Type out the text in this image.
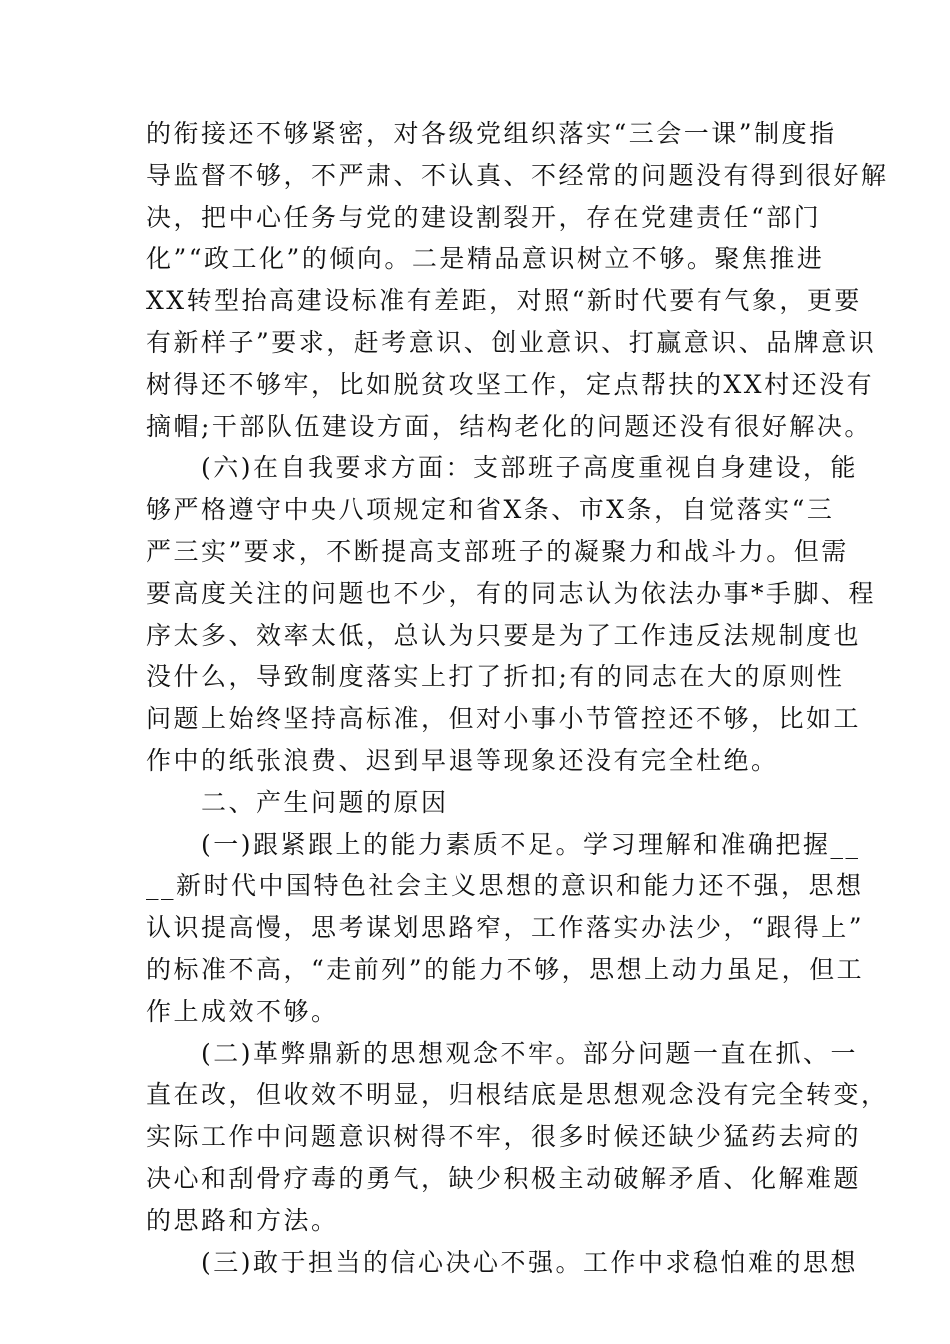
的衔接还不够紧密，对各级党组织落实“三会一课”制度指
导监督不够，不严肃、不认真、不经常的问题没有得到很好解
决，把中心任务与党的建设割裂开，存在党建责任“部门
化”“政工化”的倾向。二是精品意识树立不够。聚焦推进
XX转型抬高建设标准有差距，对照“新时代要有气象，更要
有新样子”要求，赶考意识、创业意识、打赢意识、品牌意识
树得还不够牢，比如脱贫攻坚工作，定点帮扶的XX村还没有
摘帽;干部队伍建设方面，结构老化的问题还没有很好解决。
(六)在自我要求方面：支部班子高度重视自身建设，能
够严格遵守中央八项规定和省X条、市X条，自觉落实“三
严三实”要求，不断提高支部班子的凝聚力和战斗力。但需
要高度关注的问题也不少，有的同志认为依法办事*手脚、程
序太多、效率太低，总认为只要是为了工作违反法规制度也
没什么，导致制度落实上打了折扣;有的同志在大的原则性
问题上始终坚持高标准，但对小事小节管控还不够，比如工
作中的纸张浪费、迟到早退等现象还没有完全杜绝。
二、产生问题的原因
(一)跟紧跟上的能力素质不足。学习理解和准确把握__
__新时代中国特色社会主义思想的意识和能力还不强，思想
认识提高慢，思考谋划思路窄，工作落实办法少，“跟得上”
的标准不高，“走前列”的能力不够，思想上动力虽足，但工
作上成效不够。
(二)革弊鼎新的思想观念不牢。部分问题一直在抓、一
直在改，但收效不明显，归根结底是思想观念没有完全转变，
实际工作中问题意识树得不牢，很多时候还缺少猛药去疴的
决心和刮骨疗毒的勇气，缺少积极主动破解矛盾、化解难题
的思路和方法。
(三)敢于担当的信心决心不强。工作中求稳怕难的思想
